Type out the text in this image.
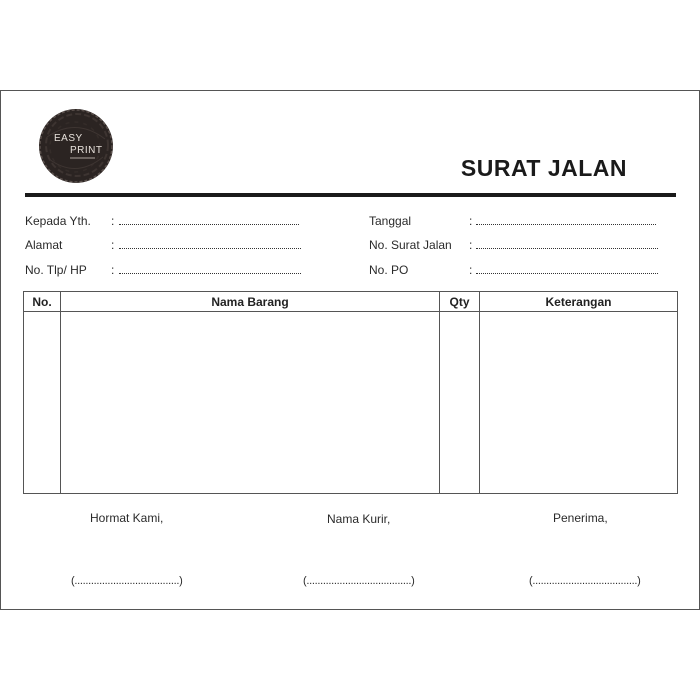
EASY
PRINT
SURAT JALAN
Kepada Yth. :
Alamat	:
No. Tlp/ HP :
Tanggal	:
No. Surat Jalan :
No. PO	:
No.	Nama Barang	Qty	Keterangan

Hormat Kami,	Nama Kurir,	Penerima,
(......................................)	(......................................)	(......................................)
